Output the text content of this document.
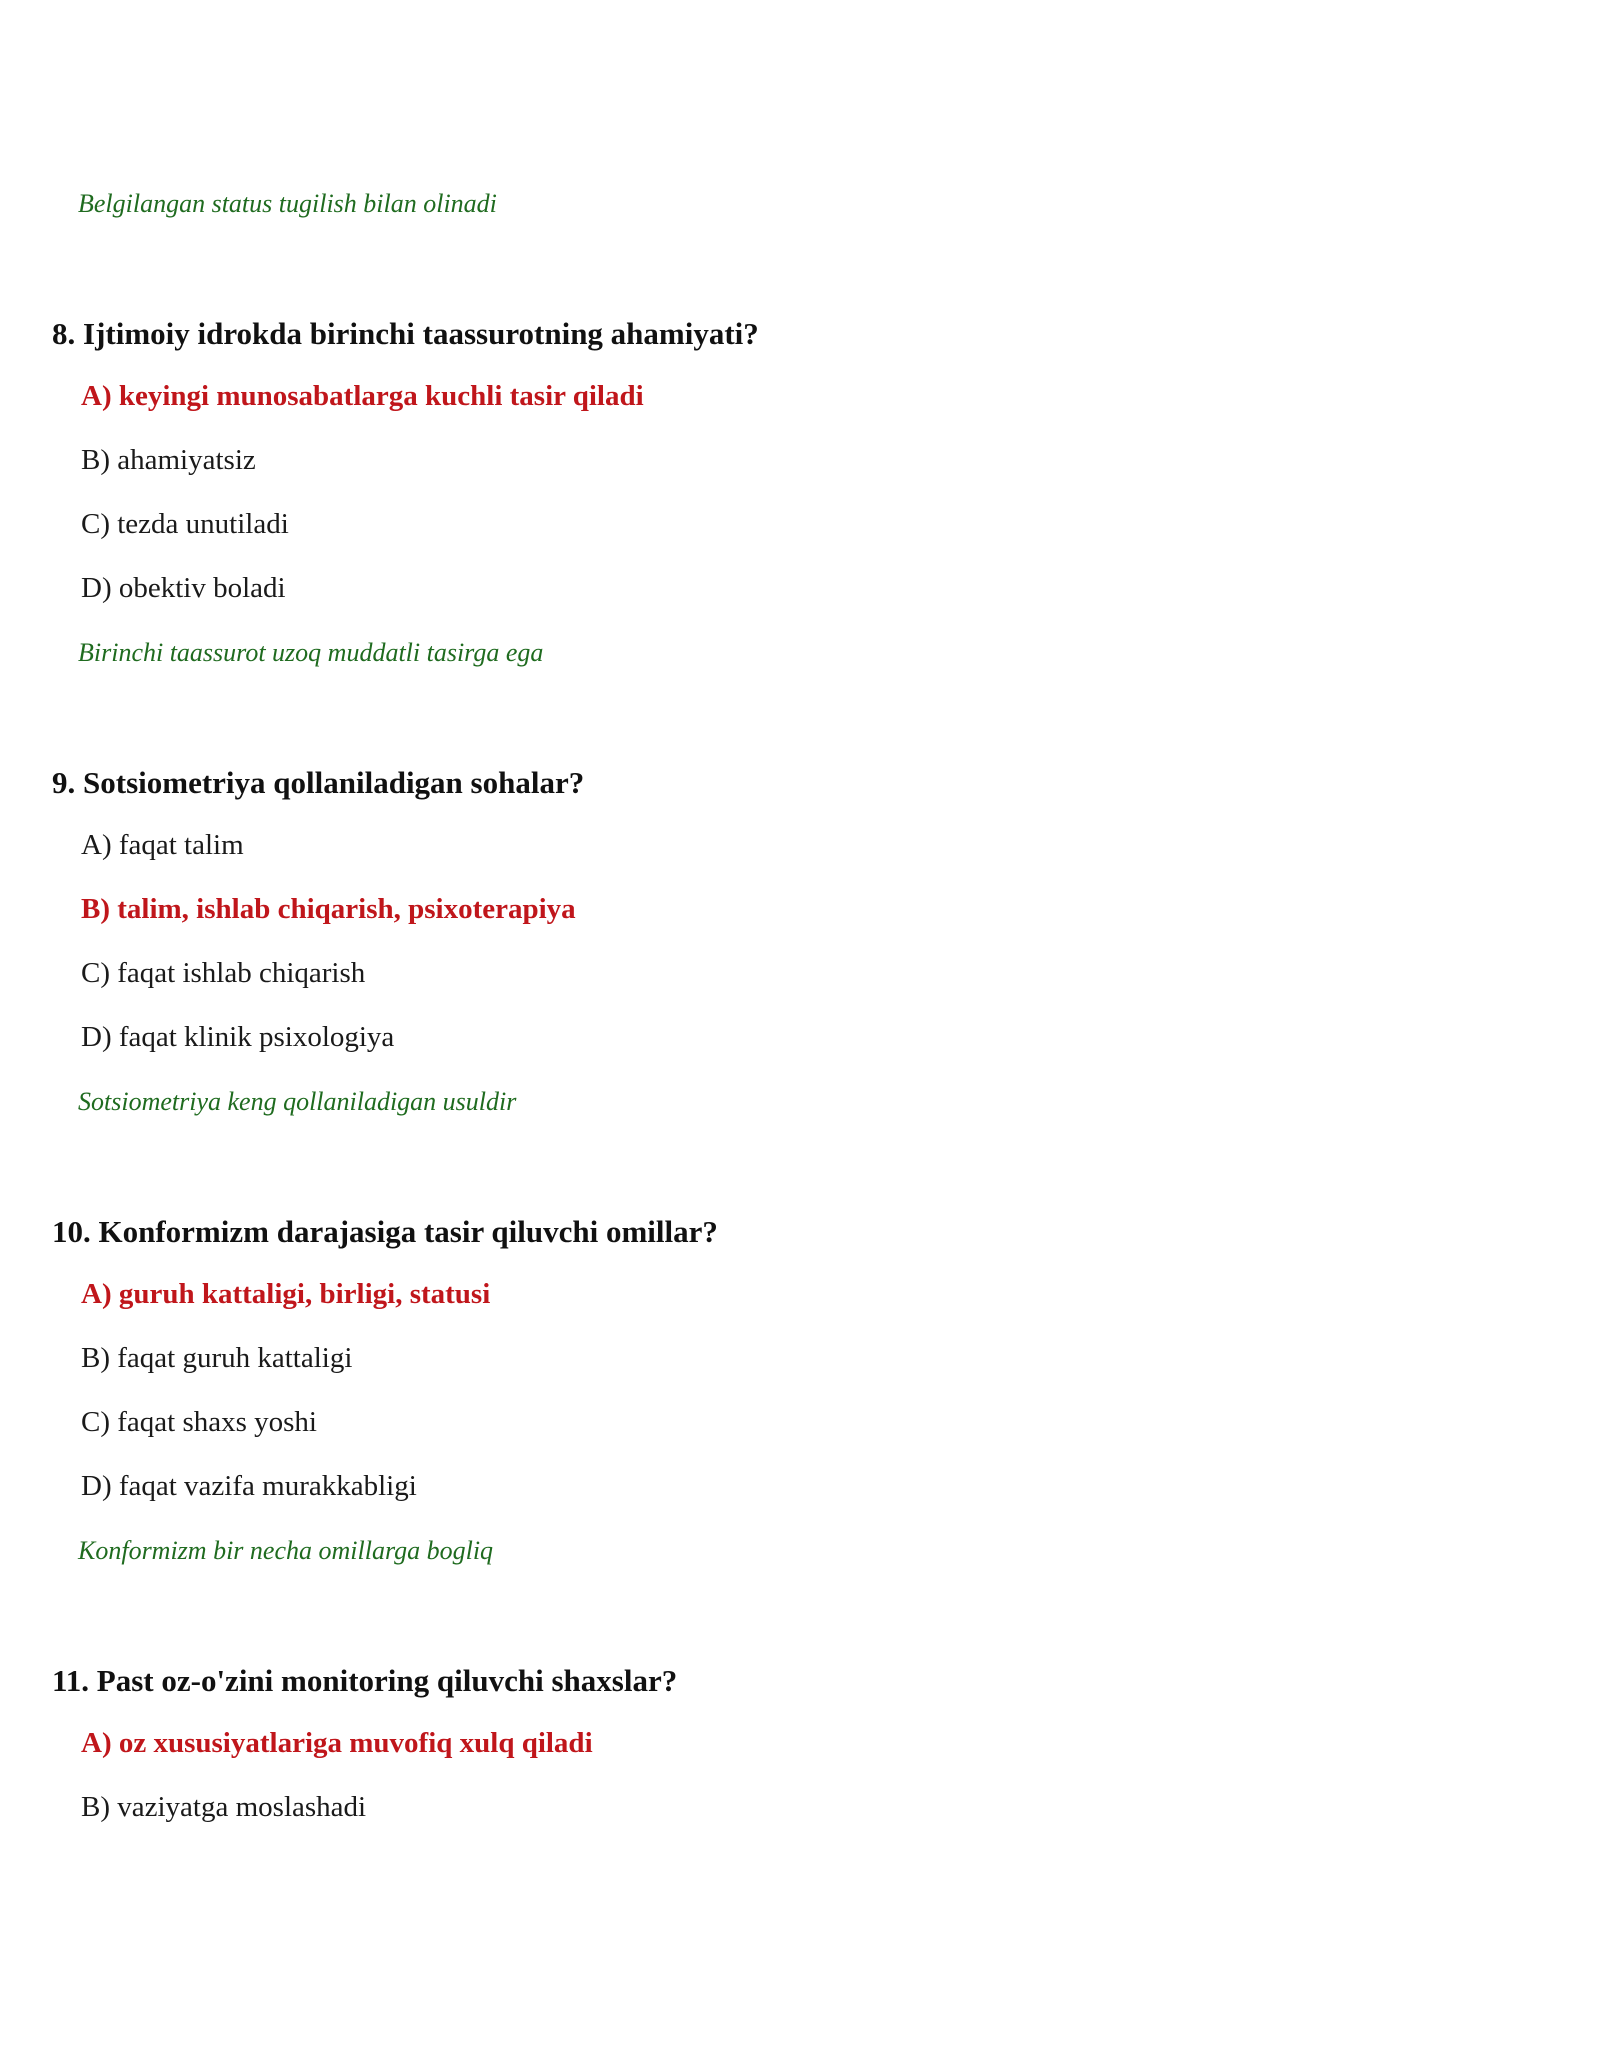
Belgilangan status tugilish bilan olinadi
8. Ijtimoiy idrokda birinchi taassurotning ahamiyati?
A) keyingi munosabatlarga kuchli tasir qiladi
B) ahamiyatsiz
C) tezda unutiladi
D) obektiv boladi
Birinchi taassurot uzoq muddatli tasirga ega
9. Sotsiometriya qollaniladigan sohalar?
A) faqat talim
B) talim, ishlab chiqarish, psixoterapiya
C) faqat ishlab chiqarish
D) faqat klinik psixologiya
Sotsiometriya keng qollaniladigan usuldir
10. Konformizm darajasiga tasir qiluvchi omillar?
A) guruh kattaligi, birligi, statusi
B) faqat guruh kattaligi
C) faqat shaxs yoshi
D) faqat vazifa murakkabligi
Konformizm bir necha omillarga bogliq
11. Past oz-o'zini monitoring qiluvchi shaxslar?
A) oz xususiyatlariga muvofiq xulq qiladi
B) vaziyatga moslashadi
